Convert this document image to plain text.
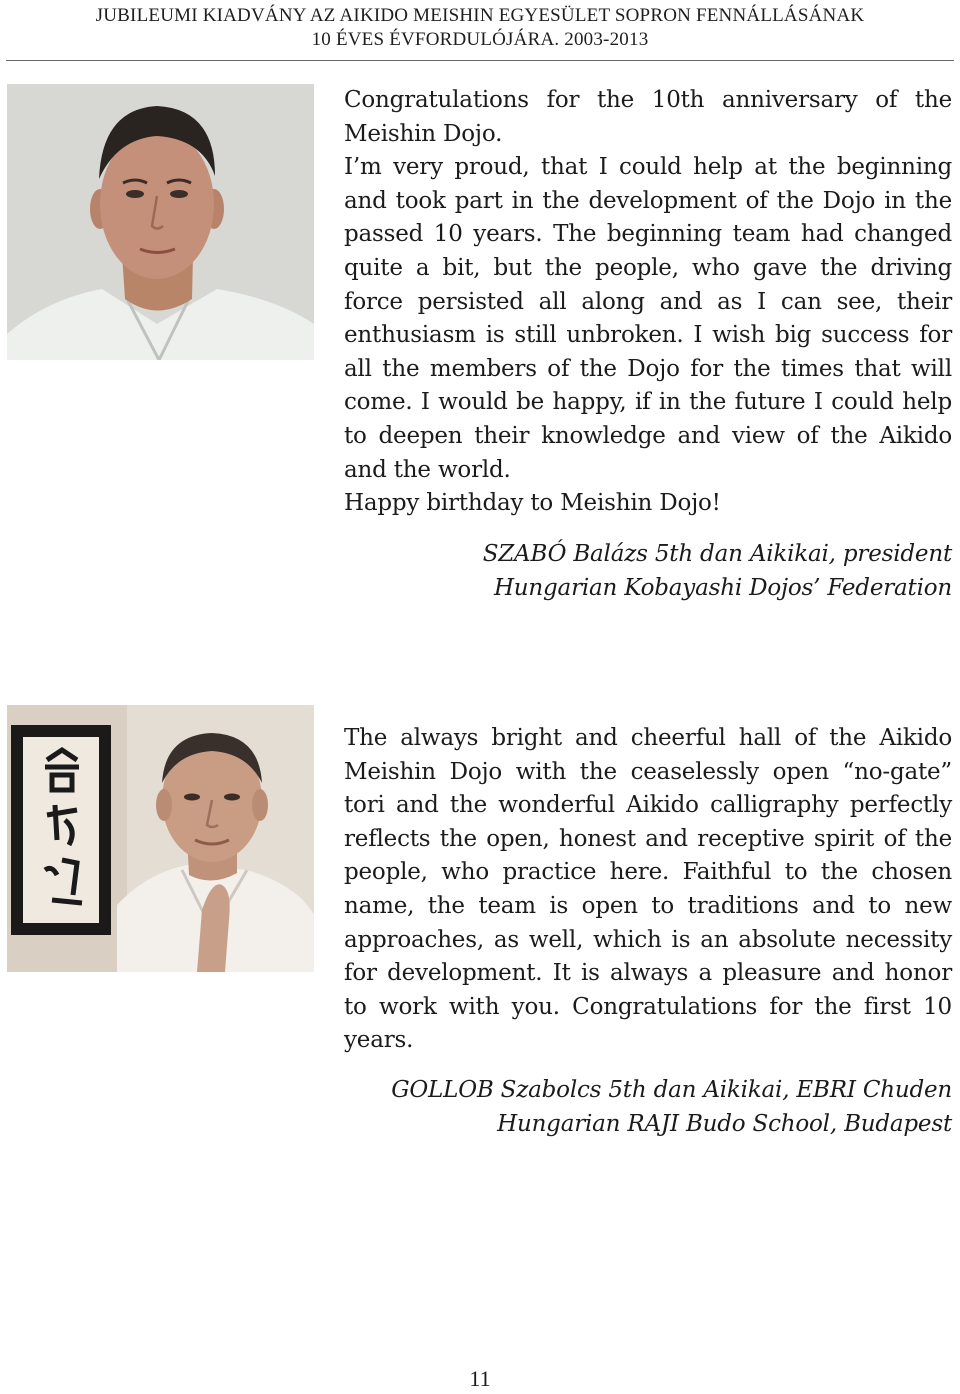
JUBILEUMI KIADVÁNY AZ AIKIDO MEISHIN EGYESÜLET SOPRON FENNÁLLÁSÁNAK
10 ÉVES ÉVFORDULÓJÁRA. 2003-2013

Congratulations for the 10th anniversary of the Meishin Dojo.

I’m very proud, that I could help at the beginning and took part in the development of the Dojo in the passed 10 years. The beginning team had changed quite a bit, but the people, who gave the driving force persisted all along and as I can see, their enthusiasm is still unbroken. I wish big success for all the members of the Dojo for the times that will come. I would be happy, if in the future I could help to deepen their knowledge and view of the Aikido and the world.

Happy birthday to Meishin Dojo!

SZABÓ Balázs 5th dan Aikikai, president
Hungarian Kobayashi Dojos’ Federation

The always bright and cheerful hall of the Aikido Meishin Dojo with the ceaselessly open “no-gate” tori and the wonderful Aikido calligraphy perfectly reflects the open, honest and receptive spirit of the people, who practice here. Faithful to the chosen name, the team is open to traditions and to new approaches, as well, which is an absolute necessity for development. It is always a pleasure and honor to work with you. Congratulations for the first 10 years.

GOLLOB Szabolcs 5th dan Aikikai, EBRI Chuden
Hungarian RAJI Budo School, Budapest
11
